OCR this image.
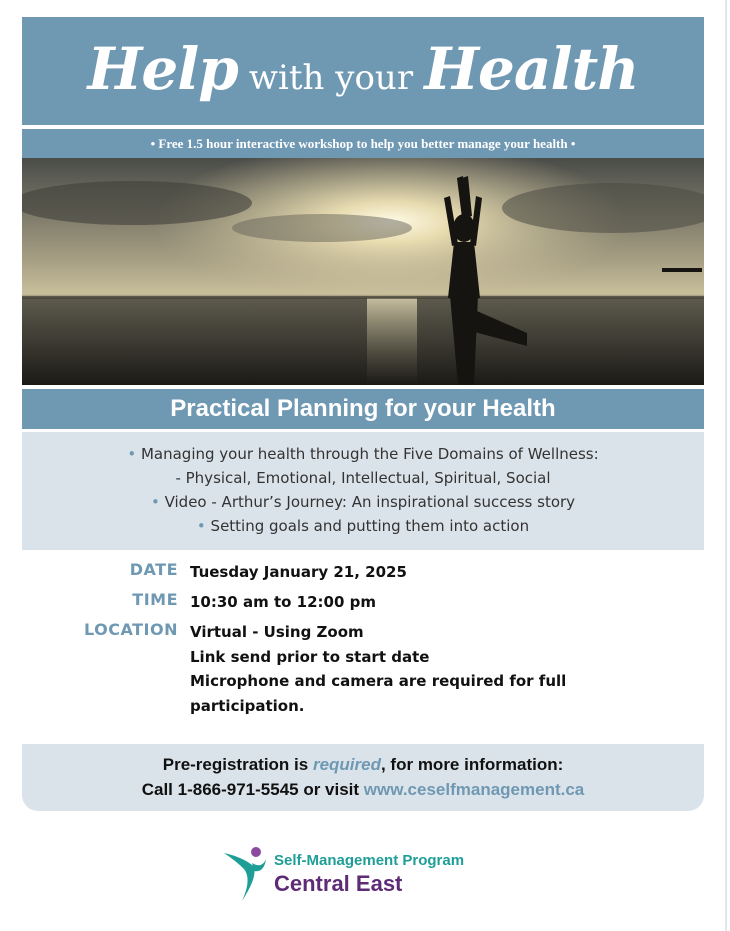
Help with your Health
• Free 1.5 hour interactive workshop to help you better manage your health •
Practical Planning for your Health
• Managing your health through the Five Domains of Wellness:
- Physical, Emotional, Intellectual, Spiritual, Social
• Video - Arthur’s Journey: An inspirational success story
• Setting goals and putting them into action
DATE Tuesday January 21, 2025
TIME 10:30 am to 12:00 pm
LOCATION Virtual - Using Zoom
Link send prior to start date
Microphone and camera are required for full
participation.
Pre-registration is required, for more information:
Call 1-866-971-5545 or visit www.ceselfmanagement.ca
Self-Management Program
Central East
